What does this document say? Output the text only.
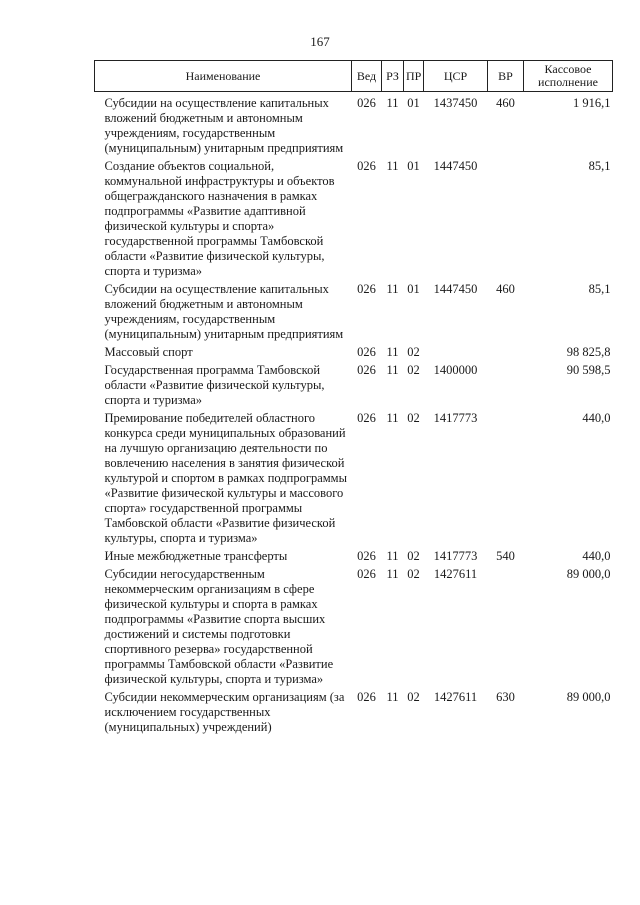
167
Наименование	Вед	РЗ	ПР	ЦСР	ВР	Кассовое исполнение
Субсидии на осуществление капитальных вложений бюджетным и автономным учреждениям, государственным (муниципальным) унитарным предприятиям	026	11	01	1437450	460	1 916,1
Создание объектов социальной, коммунальной инфраструктуры и объектов общегражданского назначения в рамках подпрограммы «Развитие адаптивной физической культуры и спорта» государственной программы Тамбовской области «Развитие физической культуры, спорта и туризма»	026	11	01	1447450		85,1
Субсидии на осуществление капитальных вложений бюджетным и автономным учреждениям, государственным (муниципальным) унитарным предприятиям	026	11	01	1447450	460	85,1
Массовый спорт	026	11	02			98 825,8
Государственная программа Тамбовской области «Развитие физической культуры, спорта и туризма»	026	11	02	1400000		90 598,5
Премирование победителей областного конкурса среди муниципальных образований на лучшую организацию деятельности по вовлечению населения в занятия физической культурой и спортом в рамках подпрограммы «Развитие физической культуры и массового спорта» государственной программы Тамбовской области «Развитие физической культуры, спорта и туризма»	026	11	02	1417773		440,0
Иные межбюджетные трансферты	026	11	02	1417773	540	440,0
Субсидии негосударственным некоммерческим организациям в сфере физической культуры и спорта в рамках подпрограммы «Развитие спорта высших достижений и системы подготовки спортивного резерва» государственной программы Тамбовской области «Развитие физической культуры, спорта и туризма»	026	11	02	1427611		89 000,0
Субсидии некоммерческим организациям (за исключением государственных (муниципальных) учреждений)	026	11	02	1427611	630	89 000,0
